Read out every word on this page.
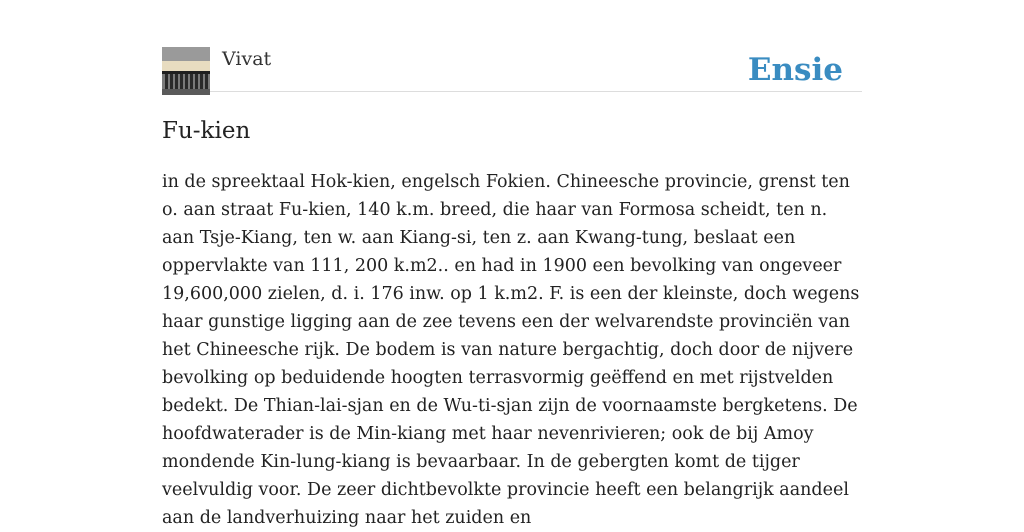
Vivat	Ensie
Fu-kien

in de spreektaal Hok-kien, engelsch Fokien. Chineesche provincie, grenst ten o. aan straat Fu-kien, 140 k.m. breed, die haar van Formosa scheidt, ten n. aan Tsje-Kiang, ten w. aan Kiang-si, ten z. aan Kwang-tung, beslaat een oppervlakte van 111, 200 k.m2.. en had in 1900 een bevolking van ongeveer 19,600,000 zielen, d. i. 176 inw. op 1 k.m2. F. is een der kleinste, doch wegens haar gunstige ligging aan de zee tevens een der welvarendste provinciën van het Chineesche rijk. De bodem is van nature bergachtig, doch door de nijvere bevolking op beduidende hoogten terrasvormig geëffend en met rijstvelden bedekt. De Thian-lai-sjan en de Wu-ti-sjan zijn de voornaamste bergketens. De hoofdwaterader is de Min-kiang met haar nevenrivieren; ook de bij Amoy mondende Kin-lung-kiang is bevaarbaar. In de gebergten komt de tijger veelvuldig voor. De zeer dichtbevolkte provincie heeft een belangrijk aandeel aan de landverhuizing naar het zuiden en
